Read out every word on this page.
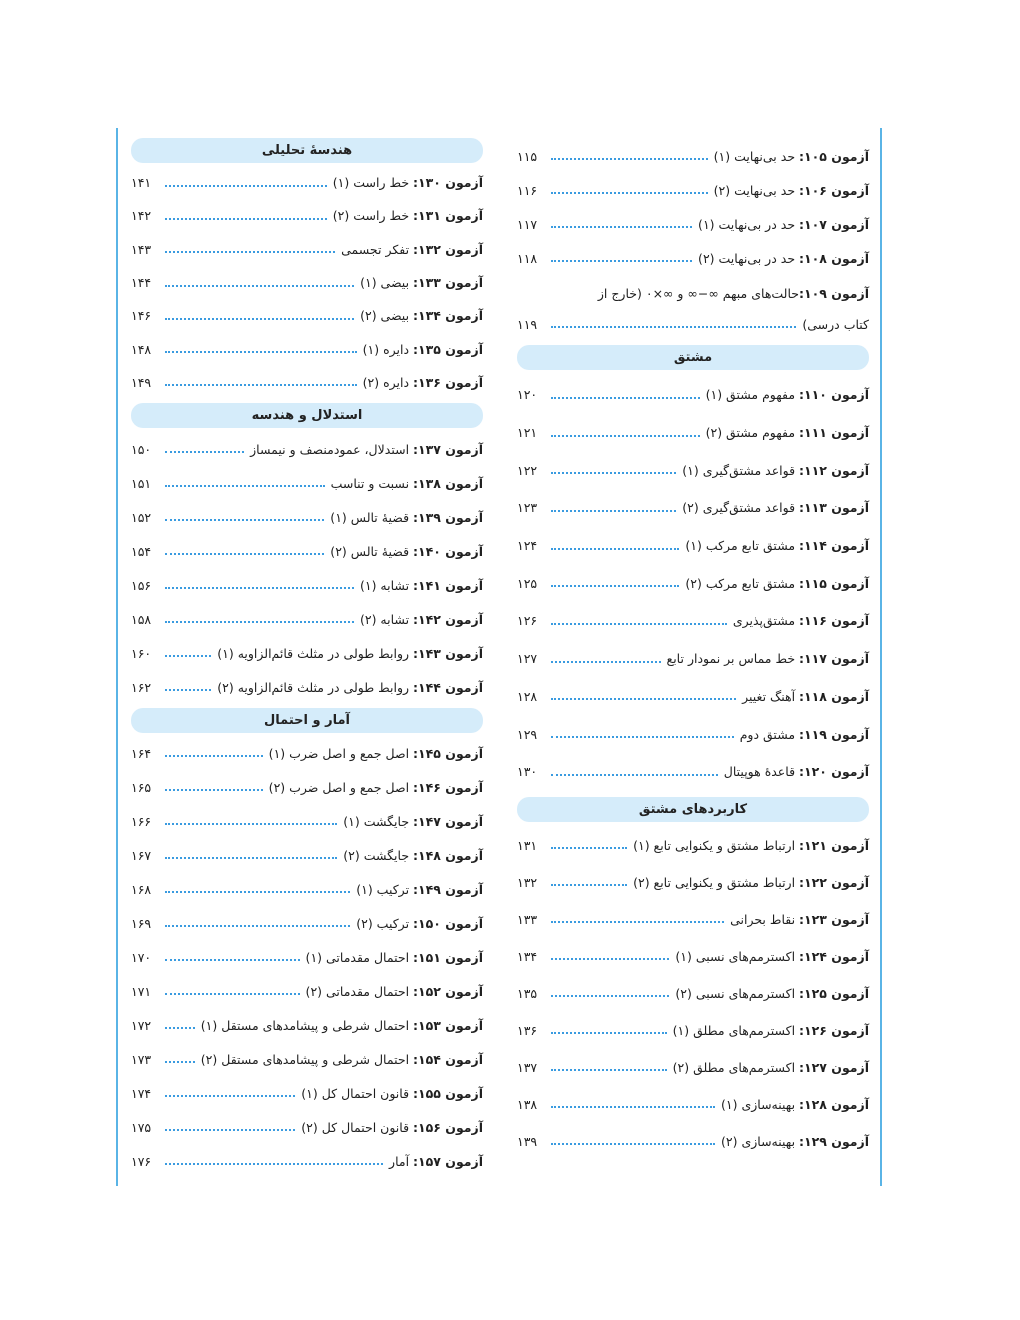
آزمون ۱۰۵: حد بی‌نهایت (۱)
۱۱۵
آزمون ۱۰۶: حد بی‌نهایت (۲)
۱۱۶
آزمون ۱۰۷: حد در بی‌نهایت (۱)
۱۱۷
آزمون ۱۰۸: حد در بی‌نهایت (۲)
۱۱۸
آزمون ۱۰۹:
حالت‌های مبهم ∞−∞ و ∞×۰ (خارج از
کتاب درسی)
۱۱۹
مشتق
آزمون ۱۱۰: مفهوم مشتق (۱)
۱۲۰
آزمون ۱۱۱: مفهوم مشتق (۲)
۱۲۱
آزمون ۱۱۲: قواعد مشتق‌گیری (۱)
۱۲۲
آزمون ۱۱۳: قواعد مشتق‌گیری (۲)
۱۲۳
آزمون ۱۱۴: مشتق تابع مرکب (۱)
۱۲۴
آزمون ۱۱۵: مشتق تابع مرکب (۲)
۱۲۵
آزمون ۱۱۶: مشتق‌پذیری
۱۲۶
آزمون ۱۱۷: خط مماس بر نمودار تابع
۱۲۷
آزمون ۱۱۸: آهنگ تغییر
۱۲۸
آزمون ۱۱۹: مشتق دوم
۱۲۹
آزمون ۱۲۰: قاعدهٔ هوپیتال
۱۳۰
کاربردهای مشتق
آزمون ۱۲۱: ارتباط مشتق و یکنوایی تابع (۱)
۱۳۱
آزمون ۱۲۲: ارتباط مشتق و یکنوایی تابع (۲)
۱۳۲
آزمون ۱۲۳: نقاط بحرانی
۱۳۳
آزمون ۱۲۴: اکسترمم‌های نسبی (۱)
۱۳۴
آزمون ۱۲۵: اکسترمم‌های نسبی (۲)
۱۳۵
آزمون ۱۲۶: اکسترمم‌های مطلق (۱)
۱۳۶
آزمون ۱۲۷: اکسترمم‌های مطلق (۲)
۱۳۷
آزمون ۱۲۸: بهینه‌سازی (۱)
۱۳۸
آزمون ۱۲۹: بهینه‌سازی (۲)
۱۳۹
هندسهٔ تحلیلی
آزمون ۱۳۰: خط راست (۱)
۱۴۱
آزمون ۱۳۱: خط راست (۲)
۱۴۲
آزمون ۱۳۲: تفکر تجسمی
۱۴۳
آزمون ۱۳۳: بیضی (۱)
۱۴۴
آزمون ۱۳۴: بیضی (۲)
۱۴۶
آزمون ۱۳۵: دایره (۱)
۱۴۸
آزمون ۱۳۶: دایره (۲)
۱۴۹
استدلال و هندسه
آزمون ۱۳۷: استدلال، عمودمنصف و نیمساز
۱۵۰
آزمون ۱۳۸: نسبت و تناسب
۱۵۱
آزمون ۱۳۹: قضیهٔ تالس (۱)
۱۵۲
آزمون ۱۴۰: قضیهٔ تالس (۲)
۱۵۴
آزمون ۱۴۱: تشابه (۱)
۱۵۶
آزمون ۱۴۲: تشابه (۲)
۱۵۸
آزمون ۱۴۳: روابط طولی در مثلث قائم‌الزاویه (۱)
۱۶۰
آزمون ۱۴۴: روابط طولی در مثلث قائم‌الزاویه (۲)
۱۶۲
آمار و احتمال
آزمون ۱۴۵: اصل جمع و اصل ضرب (۱)
۱۶۴
آزمون ۱۴۶: اصل جمع و اصل ضرب (۲)
۱۶۵
آزمون ۱۴۷: جایگشت (۱)
۱۶۶
آزمون ۱۴۸: جایگشت (۲)
۱۶۷
آزمون ۱۴۹: ترکیب (۱)
۱۶۸
آزمون ۱۵۰: ترکیب (۲)
۱۶۹
آزمون ۱۵۱: احتمال مقدماتی (۱)
۱۷۰
آزمون ۱۵۲: احتمال مقدماتی (۲)
۱۷۱
آزمون ۱۵۳: احتمال شرطی و پیشامدهای مستقل (۱)
۱۷۲
آزمون ۱۵۴: احتمال شرطی و پیشامدهای مستقل (۲)
۱۷۳
آزمون ۱۵۵: قانون احتمال کل (۱)
۱۷۴
آزمون ۱۵۶: قانون احتمال کل (۲)
۱۷۵
آزمون ۱۵۷: آمار
۱۷۶
